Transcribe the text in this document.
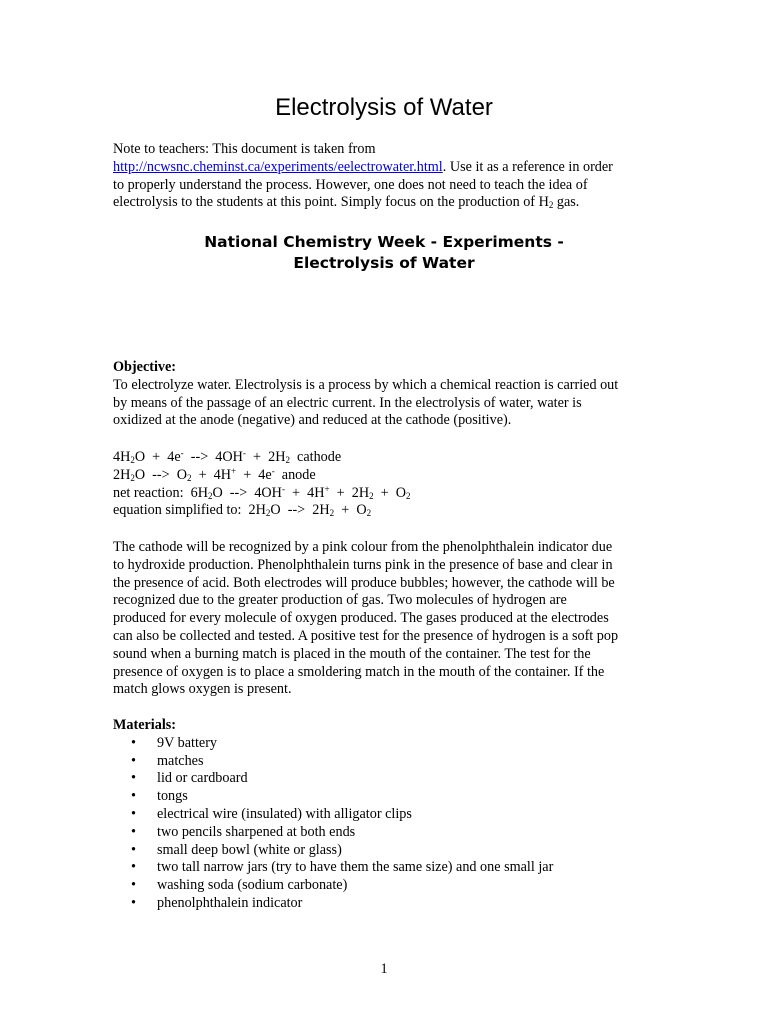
Electrolysis of Water
Note to teachers: This document is taken from
http://ncwsnc.cheminst.ca/experiments/eelectrowater.html. Use it as a reference in order
to properly understand the process. However, one does not need to teach the idea of
electrolysis to the students at this point. Simply focus on the production of $H_2$ gas.
National Chemistry Week - Experiments -
Electrolysis of Water
Objective:
To electrolyze water. Electrolysis is a process by which a chemical reaction is carried out
by means of the passage of an electric current. In the electrolysis of water, water is
oxidized at the anode (negative) and reduced at the cathode (positive).
$4H_2O + 4e^-$  -->  $4OH^- + 2H_2$  cathode
$2H_2O$  -->  $O_2 + 4H^+ + 4e^-$  anode
net reaction:  $6H_2O$  -->  $4OH^- + 4H^+ + 2H_2 + O_2$
equation simplified to:  $2H_2O$  -->  $2H_2 + O_2$
The cathode will be recognized by a pink colour from the phenolphthalein indicator due
to hydroxide production. Phenolphthalein turns pink in the presence of base and clear in
the presence of acid. Both electrodes will produce bubbles; however, the cathode will be
recognized due to the greater production of gas. Two molecules of hydrogen are
produced for every molecule of oxygen produced. The gases produced at the electrodes
can also be collected and tested. A positive test for the presence of hydrogen is a soft pop
sound when a burning match is placed in the mouth of the container. The test for the
presence of oxygen is to place a smoldering match in the mouth of the container. If the
match glows oxygen is present.
Materials:
• 9V battery
• matches
• lid or cardboard
• tongs
• electrical wire (insulated) with alligator clips
• two pencils sharpened at both ends
• small deep bowl (white or glass)
• two tall narrow jars (try to have them the same size) and one small jar
• washing soda (sodium carbonate)
• phenolphthalein indicator
1
